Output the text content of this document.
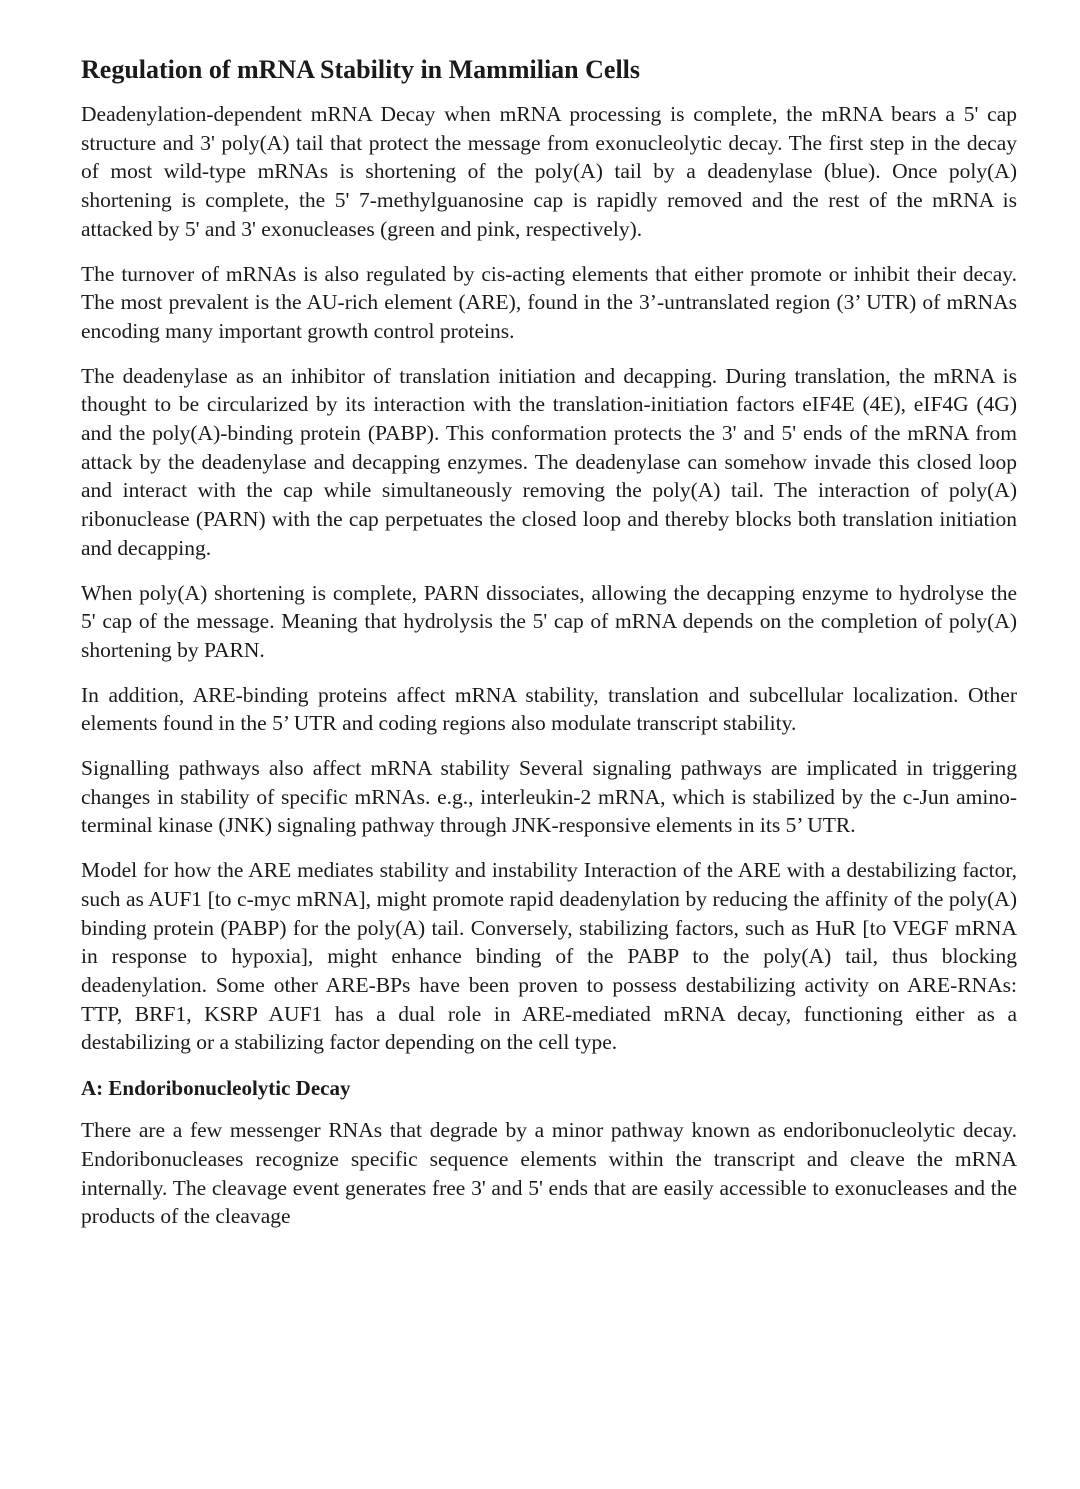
Regulation of mRNA Stability in Mammilian Cells

Deadenylation-dependent mRNA Decay when mRNA processing is complete, the mRNA bears a 5' cap structure and 3' poly(A) tail that protect the message from exonucleolytic decay. The first step in the decay of most wild-type mRNAs is shortening of the poly(A) tail by a deadenylase (blue). Once poly(A) shortening is complete, the 5' 7-methylguanosine cap is rapidly removed and the rest of the mRNA is attacked by 5' and 3' exonucleases (green and pink, respectively).

The turnover of mRNAs is also regulated by cis-acting elements that either promote or inhibit their decay. The most prevalent is the AU-rich element (ARE), found in the 3’-untranslated region (3’ UTR) of mRNAs encoding many important growth control proteins.

The deadenylase as an inhibitor of translation initiation and decapping. During translation, the mRNA is thought to be circularized by its interaction with the translation-initiation factors eIF4E (4E), eIF4G (4G) and the poly(A)-binding protein (PABP). This conformation protects the 3' and 5' ends of the mRNA from attack by the deadenylase and decapping enzymes. The deadenylase can somehow invade this closed loop and interact with the cap while simultaneously removing the poly(A) tail. The interaction of poly(A) ribonuclease (PARN) with the cap perpetuates the closed loop and thereby blocks both translation initiation and decapping.

When poly(A) shortening is complete, PARN dissociates, allowing the decapping enzyme to hydrolyse the 5' cap of the message. Meaning that hydrolysis the 5' cap of mRNA depends on the completion of poly(A) shortening by PARN.

In addition, ARE-binding proteins affect mRNA stability, translation and subcellular localization. Other elements found in the 5’ UTR and coding regions also modulate transcript stability.

Signalling pathways also affect mRNA stability Several signaling pathways are implicated in triggering changes in stability of specific mRNAs. e.g., interleukin-2 mRNA, which is stabilized by the c-Jun amino-terminal kinase (JNK) signaling pathway through JNK-responsive elements in its 5’ UTR.

Model for how the ARE mediates stability and instability Interaction of the ARE with a destabilizing factor, such as AUF1 [to c-myc mRNA], might promote rapid deadenylation by reducing the affinity of the poly(A) binding protein (PABP) for the poly(A) tail. Conversely, stabilizing factors, such as HuR [to VEGF mRNA in response to hypoxia], might enhance binding of the PABP to the poly(A) tail, thus blocking deadenylation. Some other ARE-BPs have been proven to possess destabilizing activity on ARE-RNAs: TTP, BRF1, KSRP AUF1 has a dual role in ARE-mediated mRNA decay, functioning either as a destabilizing or a stabilizing factor depending on the cell type.

A: Endoribonucleolytic Decay

There are a few messenger RNAs that degrade by a minor pathway known as endoribonucleolytic decay. Endoribonucleases recognize specific sequence elements within the transcript and cleave the mRNA internally. The cleavage event generates free 3' and 5' ends that are easily accessible to exonucleases and the products of the cleavage
